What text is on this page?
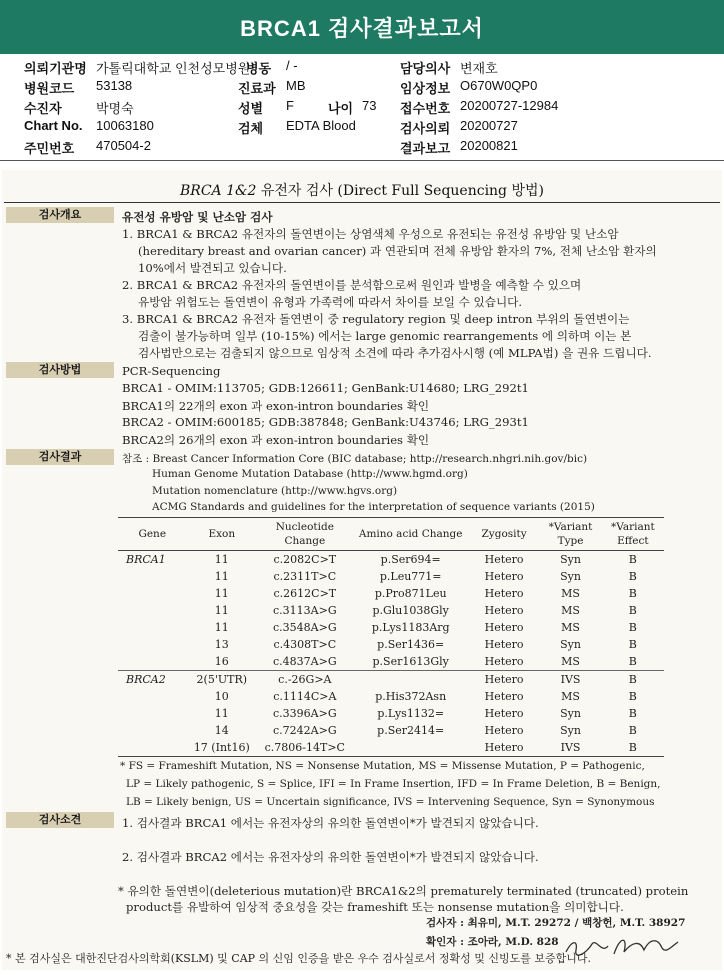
BRCA1 검사결과보고서
의뢰기관명 가톨릭대학교 인천성모병원
병동 / -	담당의사 변재호
병원코드 53138	진료과 MB	임상정보 O670W0QP0
수진자	박명숙	성별 F	나이 73 접수번호 20200727-12984
Chart No. 10063180	검체 EDTA Blood	검사의뢰 20200727
주민번호 470504-2	결과보고 20200821
BRCA 1&2 유전자 검사 (Direct Full Sequencing 방법)
검사개요	유전성 유방암 및 난소암 검사
1. BRCA1 & BRCA2 유전자의 돌연변이는 상염색체 우성으로 유전되는 유전성 유방암 및 난소암
(hereditary breast and ovarian cancer) 과 연관되며 전체 유방암 환자의 7%, 전체 난소암 환자의
10%에서 발견되고 있습니다.
2. BRCA1 & BRCA2 유전자의 돌연변이를 분석함으로써 원인과 발병을 예측할 수 있으며
유방암 위험도는 돌연변이 유형과 가족력에 따라서 차이를 보일 수 있습니다.
3. BRCA1 & BRCA2 유전자 돌연변이 중 regulatory region 및 deep intron 부위의 돌연변이는
검출이 불가능하며 일부 (10-15%) 에서는 large genomic rearrangements 에 의하며 이는 본
검사법만으로는 검출되지 않으므로 임상적 소견에 따라 추가검사시행 (예 MLPA법) 을 권유 드립니다.
검사방법	PCR-Sequencing
BRCA1 - OMIM:113705; GDB:126611; GenBank:U14680; LRG_292t1
BRCA1의 22개의 exon 과 exon-intron boundaries 확인
BRCA2 - OMIM:600185; GDB:387848; GenBank:U43746; LRG_293t1
BRCA2의 26개의 exon 과 exon-intron boundaries 확인
검사결과	참조 : Breast Cancer Information Core (BIC database; http://research.nhgri.nih.gov/bic)
Human Genome Mutation Database (http://www.hgmd.org)
Mutation nomenclature (http://www.hgvs.org)
ACMG Standards and guidelines for the interpretation of sequence variants (2015)
Gene	Exon	Nucleotide Change	Amino acid Change	Zygosity	*Variant Type	*Variant Effect
BRCA1	11	c.2082C>T	p.Ser694=	Hetero	Syn	B
	11	c.2311T>C	p.Leu771=	Hetero	Syn	B
	11	c.2612C>T	p.Pro871Leu	Hetero	MS	B
	11	c.3113A>G	p.Glu1038Gly	Hetero	MS	B
	11	c.3548A>G	p.Lys1183Arg	Hetero	MS	B
	13	c.4308T>C	p.Ser1436=	Hetero	Syn	B
	16	c.4837A>G	p.Ser1613Gly	Hetero	MS	B
BRCA2	2(5'UTR)	c.-26G>A		Hetero	IVS	B
	10	c.1114C>A	p.His372Asn	Hetero	MS	B
	11	c.3396A>G	p.Lys1132=	Hetero	Syn	B
	14	c.7242A>G	p.Ser2414=	Hetero	Syn	B
	17 (Int16)	c.7806-14T>C		Hetero	IVS	B
* FS = Frameshift Mutation, NS = Nonsense Mutation, MS = Missense Mutation, P = Pathogenic,
LP = Likely pathogenic, S = Splice, IFI = In Frame Insertion, IFD = In Frame Deletion, B = Benign,
LB = Likely benign, US = Uncertain significance, IVS = Intervening Sequence, Syn = Synonymous
검사소견	1. 검사결과 BRCA1 에서는 유전자상의 유의한 돌연변이*가 발견되지 않았습니다.
2. 검사결과 BRCA2 에서는 유전자상의 유의한 돌연변이*가 발견되지 않았습니다.
* 유의한 돌연변이(deleterious mutation)란 BRCA1&2의 prematurely terminated (truncated) protein
product를 유발하여 임상적 중요성을 갖는 frameshift 또는 nonsense mutation을 의미합니다.
검사자 : 최유미, M.T. 29272 / 백창헌, M.T. 38927
확인자 : 조아라, M.D. 828
* 본 검사실은 대한진단검사의학회(KSLM) 및 CAP 의 신임 인증을 받은 우수 검사실로서 정확성 및 신빙도를 보증합니다.
